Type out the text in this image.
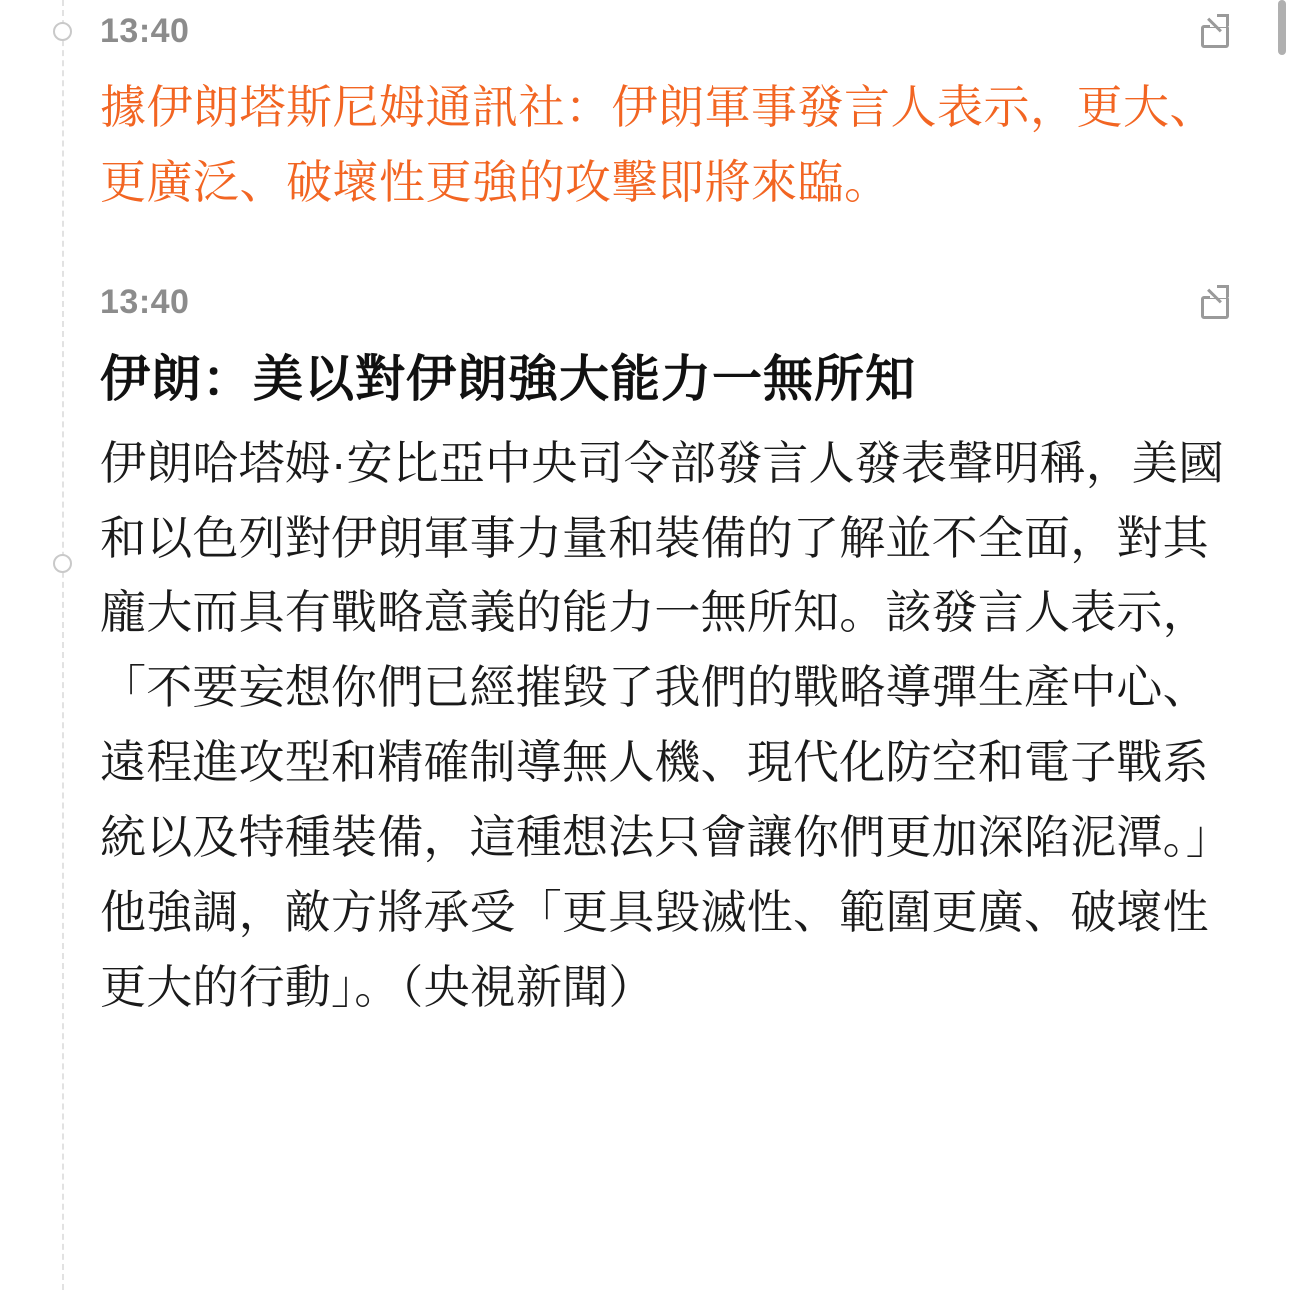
13:40
據伊朗塔斯尼姆通訊社：伊朗軍事發言人表示，更大、更廣泛、破壞性更強的攻擊即將來臨。
13:40
伊朗：美以對伊朗強大能力一無所知
伊朗哈塔姆·安比亞中央司令部發言人發表聲明稱，美國和以色列對伊朗軍事力量和裝備的了解並不全面，對其龐大而具有戰略意義的能力一無所知。該發言人表示，「不要妄想你們已經摧毀了我們的戰略導彈生產中心、遠程進攻型和精確制導無人機、現代化防空和電子戰系統以及特種裝備，這種想法只會讓你們更加深陷泥潭。」他強調，敵方將承受「更具毀滅性、範圍更廣、破壞性更大的行動」。（央視新聞）
